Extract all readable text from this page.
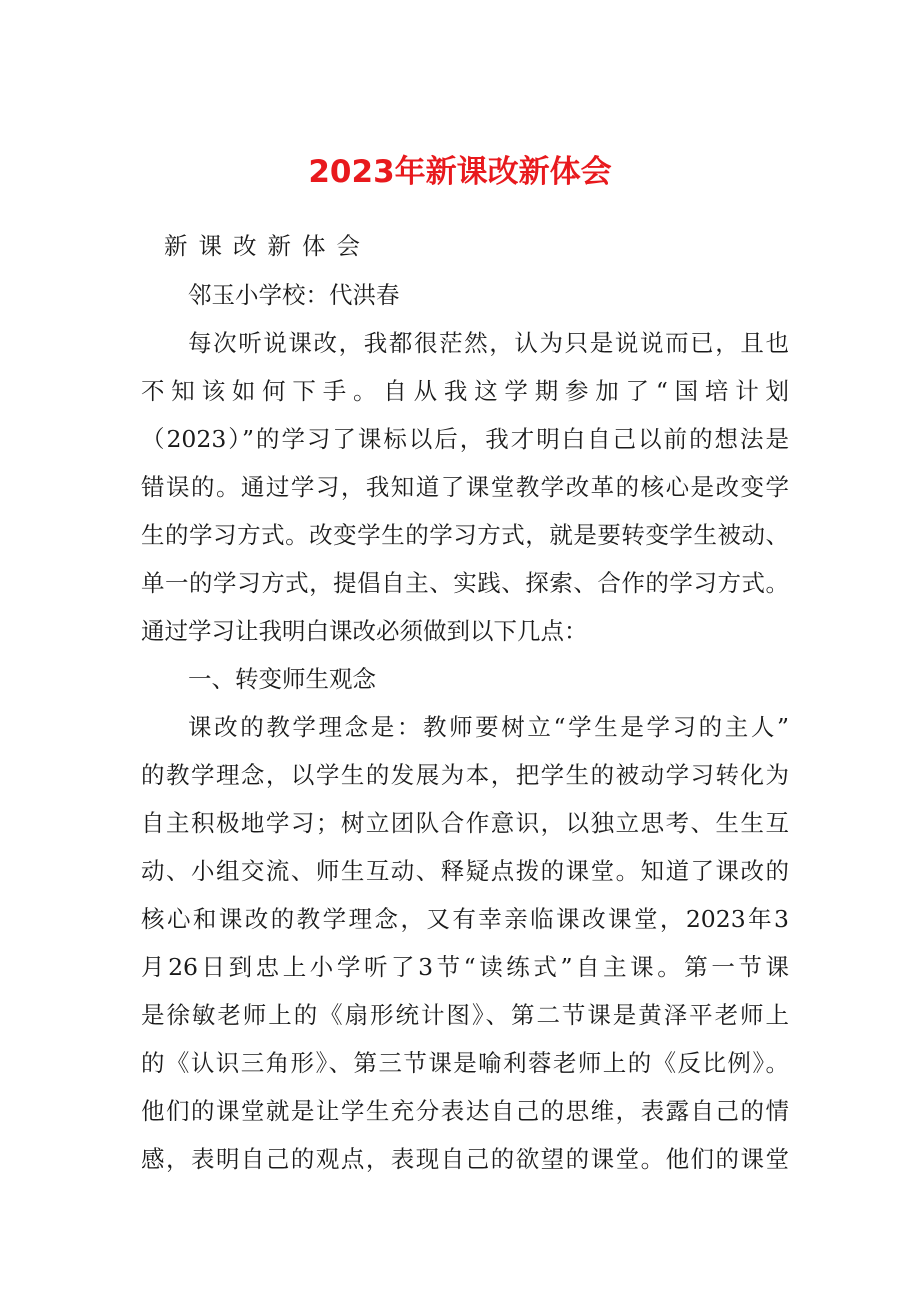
2023年新课改新体会
新课改新体会
邻玉小学校：代洪春
每次听说课改，我都很茫然，认为只是说说而已，且也
不知该如何下手。自从我这学期参加了“国培计划
（2023）”的学习了课标以后，我才明白自己以前的想法是
错误的。通过学习，我知道了课堂教学改革的核心是改变学
生的学习方式。改变学生的学习方式，就是要转变学生被动、
单一的学习方式，提倡自主、实践、探索、合作的学习方式。
通过学习让我明白课改必须做到以下几点：
一、转变师生观念
课改的教学理念是：教师要树立“学生是学习的主人”
的教学理念，以学生的发展为本，把学生的被动学习转化为
自主积极地学习；树立团队合作意识，以独立思考、生生互
动、小组交流、师生互动、释疑点拨的课堂。知道了课改的
核心和课改的教学理念，又有幸亲临课改课堂，2023年3
月26日到忠上小学听了3节“读练式”自主课。第一节课
是徐敏老师上的《扇形统计图》、第二节课是黄泽平老师上
的《认识三角形》、第三节课是喻利蓉老师上的《反比例》。
他们的课堂就是让学生充分表达自己的思维，表露自己的情
感，表明自己的观点，表现自己的欲望的课堂。他们的课堂
